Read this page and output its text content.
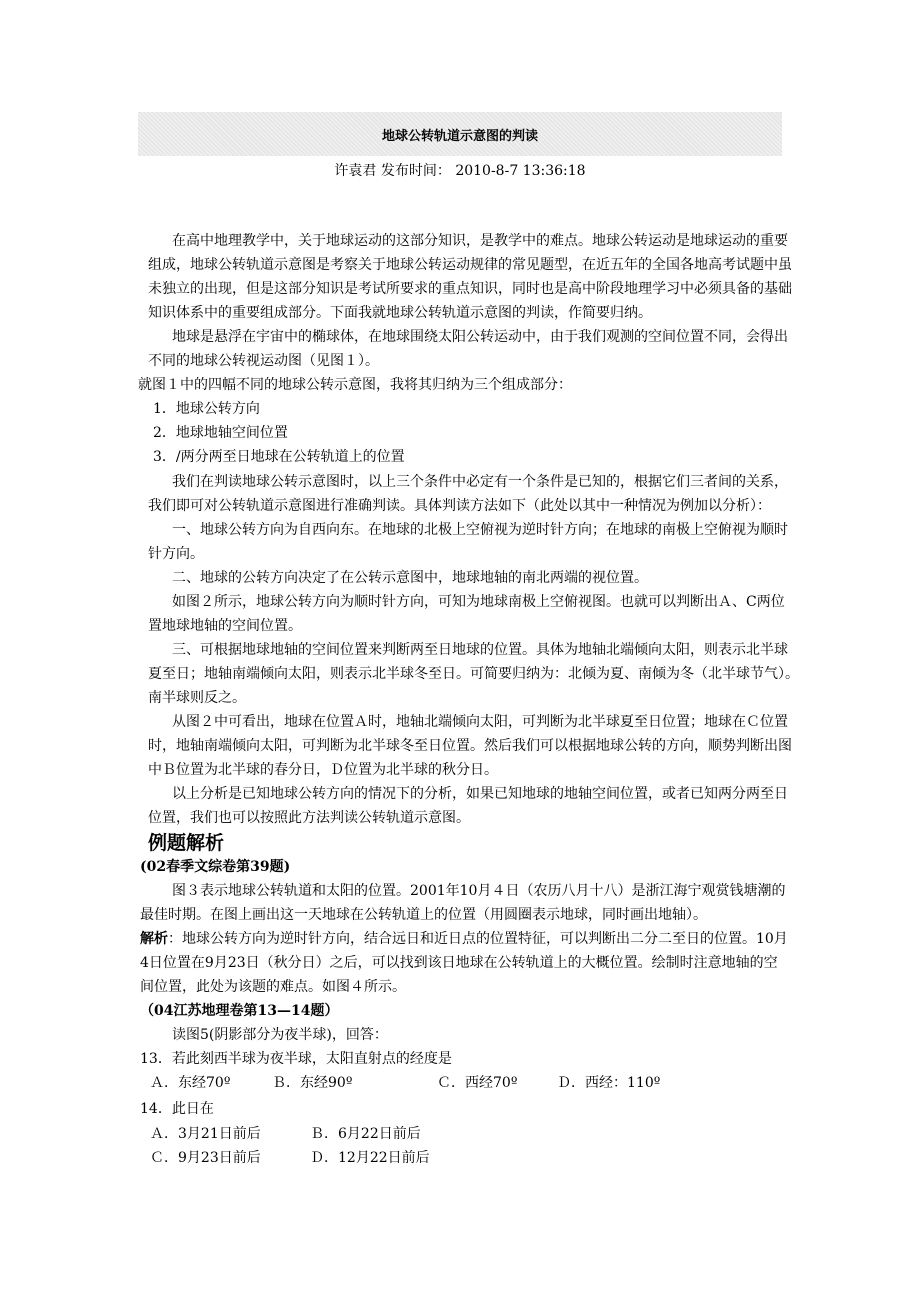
地球公转轨道示意图的判读
许袁君 发布时间： 2010-8-7 13:36:18
在高中地理教学中，关于地球运动的这部分知识，是教学中的难点。地球公转运动是地球运动的重要
组成，地球公转轨道示意图是考察关于地球公转运动规律的常见题型，在近五年的全国各地高考试题中虽
未独立的出现，但是这部分知识是考试所要求的重点知识，同时也是高中阶段地理学习中必须具备的基础
知识体系中的重要组成部分。下面我就地球公转轨道示意图的判读，作简要归纳。
地球是悬浮在宇宙中的椭球体，在地球围绕太阳公转运动中，由于我们观测的空间位置不同，会得出
不同的地球公转视运动图（见图１）。
就图１中的四幅不同的地球公转示意图，我将其归纳为三个组成部分：
1．地球公转方向
2．地球地轴空间位置
3．/两分两至日地球在公转轨道上的位置
我们在判读地球公转示意图时，以上三个条件中必定有一个条件是已知的，根据它们三者间的关系，
我们即可对公转轨道示意图进行准确判读。具体判读方法如下（此处以其中一种情况为例加以分析）：
一、地球公转方向为自西向东。在地球的北极上空俯视为逆时针方向；在地球的南极上空俯视为顺时
针方向。
二、地球的公转方向决定了在公转示意图中，地球地轴的南北两端的视位置。
如图２所示，地球公转方向为顺时针方向，可知为地球南极上空俯视图。也就可以判断出Ａ、C两位
置地球地轴的空间位置。
三、可根据地球地轴的空间位置来判断两至日地球的位置。具体为地轴北端倾向太阳，则表示北半球
夏至日；地轴南端倾向太阳，则表示北半球冬至日。可简要归纳为：北倾为夏、南倾为冬（北半球节气）。
南半球则反之。
从图２中可看出，地球在位置Ａ时，地轴北端倾向太阳，可判断为北半球夏至日位置；地球在Ｃ位置
时，地轴南端倾向太阳，可判断为北半球冬至日位置。然后我们可以根据地球公转的方向，顺势判断出图
中Ｂ位置为北半球的春分日，Ｄ位置为北半球的秋分日。
以上分析是已知地球公转方向的情况下的分析，如果已知地球的地轴空间位置，或者已知两分两至日
位置，我们也可以按照此方法判读公转轨道示意图。
例题解析
(02春季文综卷第39题)
图３表示地球公转轨道和太阳的位置。2001年10月４日（农历八月十八）是浙江海宁观赏钱塘潮的
最佳时期。在图上画出这一天地球在公转轨道上的位置（用圆圈表示地球，同时画出地轴）。
解析：地球公转方向为逆时针方向，结合远日和近日点的位置特征，可以判断出二分二至日的位置。10月
4日位置在9月23日（秋分日）之后，可以找到该日地球在公转轨道上的大概位置。绘制时注意地轴的空
间位置，此处为该题的难点。如图４所示。
（04江苏地理卷第13—14题）
读图5(阴影部分为夜半球)，回答：
13．若此刻西半球为夜半球，太阳直射点的经度是
Ａ．东经70º	Ｂ．东经90º	Ｃ．西经70º	Ｄ．西经：110º
14．此日在
Ａ．3月21日前后	Ｂ．6月22日前后
Ｃ．9月23日前后	Ｄ．12月22日前后
